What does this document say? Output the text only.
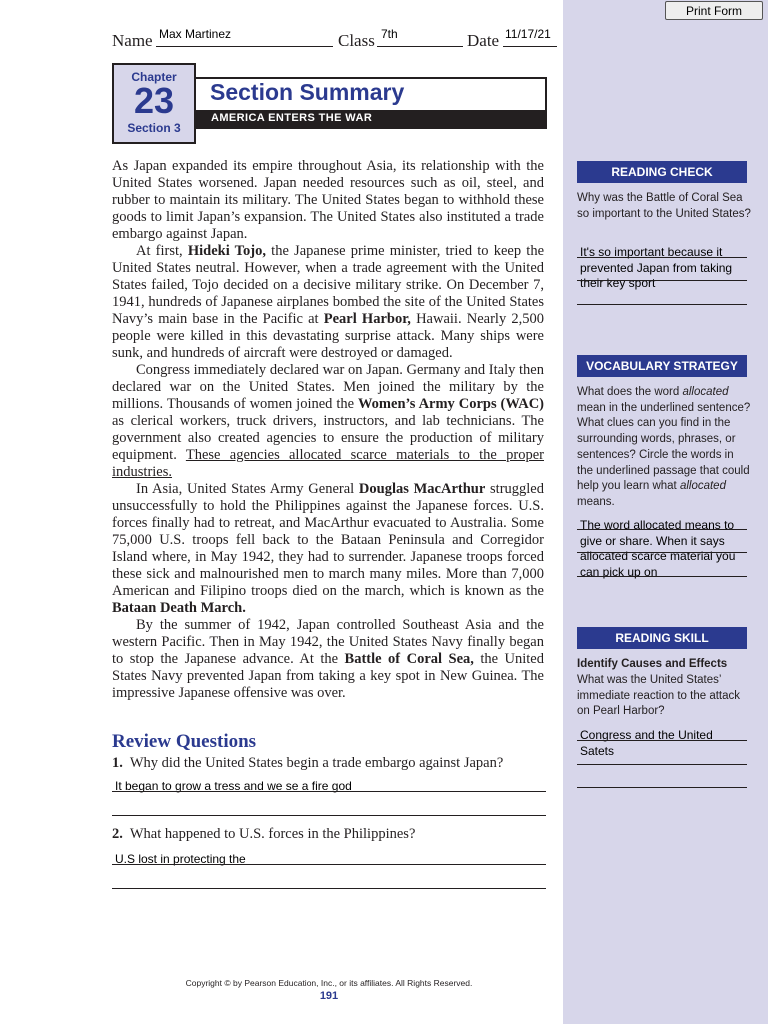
Print Form
Name Max Martinez	Class 7th	Date 11/17/21
Chapter
23
Section 3
Section Summary
AMERICA ENTERS THE WAR

As Japan expanded its empire throughout Asia, its relationship with the United States worsened. Japan needed resources such as oil, steel, and rubber to maintain its military. The United States began to withhold these goods to limit Japan’s expansion. The United States also instituted a trade embargo against Japan.

At first, Hideki Tojo, the Japanese prime minister, tried to keep the United States neutral. However, when a trade agreement with the United States failed, Tojo decided on a decisive military strike. On December 7, 1941, hundreds of Japanese airplanes bombed the site of the United States Navy’s main base in the Pacific at Pearl Harbor, Hawaii. Nearly 2,500 people were killed in this devastating surprise attack. Many ships were sunk, and hundreds of aircraft were destroyed or damaged.

Congress immediately declared war on Japan. Germany and Italy then declared war on the United States. Men joined the military by the millions. Thousands of women joined the Women’s Army Corps (WAC) as clerical workers, truck drivers, instructors, and lab technicians. The government also created agencies to ensure the production of military equipment. These agencies allocated scarce materials to the proper industries.

In Asia, United States Army General Douglas MacArthur struggled unsuccessfully to hold the Philippines against the Japanese forces. U.S. forces finally had to retreat, and MacArthur evacuated to Australia. Some 75,000 U.S. troops fell back to the Bataan Peninsula and Corregidor Island where, in May 1942, they had to surrender. Japanese troops forced these sick and malnourished men to march many miles. More than 7,000 American and Filipino troops died on the march, which is known as the Bataan Death March.

By the summer of 1942, Japan controlled Southeast Asia and the western Pacific. Then in May 1942, the United States Navy finally began to stop the Japanese advance. At the Battle of Coral Sea, the United States Navy prevented Japan from taking a key spot in New Guinea. The impressive Japanese offensive was over.

Review Questions
1. Why did the United States begin a trade embargo against Japan?
It began to grow a tress and we se a fire god
2. What happened to U.S. forces in the Philippines?
U.S lost in protecting the
READING CHECK
Why was the Battle of Coral Sea so important to the United States?
It's so important because it prevented Japan from taking their key sport
VOCABULARY STRATEGY
What does the word allocated mean in the underlined sentence? What clues can you find in the surrounding words, phrases, or sentences? Circle the words in the underlined passage that could help you learn what allocated means.
The word allocated means to give or share. When it says allocated scarce material you can pick up on
READING SKILL
Identify Causes and Effects
What was the United States’ immediate reaction to the attack on Pearl Harbor?
Congress and the United Satets
Copyright © by Pearson Education, Inc., or its affiliates. All Rights Reserved.
191
